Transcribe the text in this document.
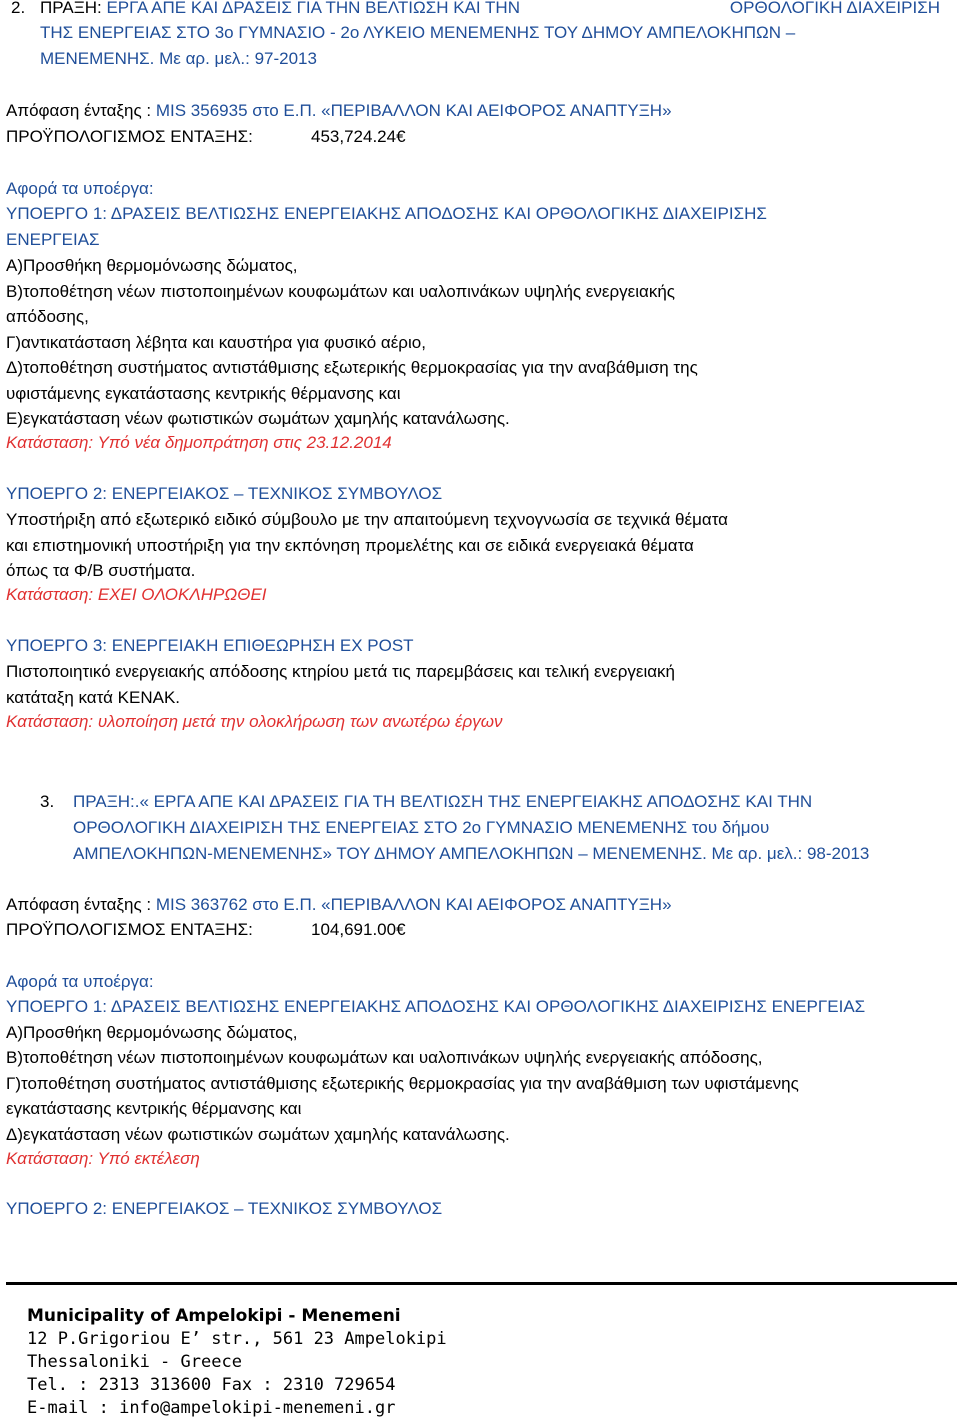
2. ΠΡΑΞΗ: ΕΡΓΑ ΑΠΕ ΚΑΙ ΔΡΑΣΕΙΣ ΓΙΑ ΤΗΝ ΒΕΛΤΙΩΣΗ ΚΑΙ ΤΗΝ	ΟΡΘΟΛΟΓΙΚΗ ΔΙΑΧΕΙΡΙΣΗ
ΤΗΣ ΕΝΕΡΓΕΙΑΣ ΣΤΟ 3ο ΓΥΜΝΑΣΙΟ - 2ο ΛΥΚΕΙΟ ΜΕΝΕΜΕΝΗΣ ΤΟΥ ΔΗΜΟΥ ΑΜΠΕΛΟΚΗΠΩΝ –
ΜΕΝΕΜΕΝΗΣ. Με αρ. μελ.: 97-2013
Απόφαση ένταξης : MIS 356935 στο Ε.Π. «ΠΕΡΙΒΑΛΛΟΝ ΚΑΙ ΑΕΙΦΟΡΟΣ ΑΝΑΠΤΥΞΗ»
ΠΡΟΫΠΟΛΟΓΙΣΜΟΣ ΕΝΤΑΞΗΣ:	453,724.24€
Αφορά τα υποέργα:
ΥΠΟΕΡΓΟ 1: ΔΡΑΣΕΙΣ ΒΕΛΤΙΩΣΗΣ ΕΝΕΡΓΕΙΑΚΗΣ ΑΠΟΔΟΣΗΣ ΚΑΙ ΟΡΘΟΛΟΓΙΚΗΣ ΔΙΑΧΕΙΡΙΣΗΣ
ΕΝΕΡΓΕΙΑΣ
Α)Προσθήκη θερμομόνωσης δώματος,
Β)τοποθέτηση νέων πιστοποιημένων κουφωμάτων και υαλοπινάκων υψηλής ενεργειακής
απόδοσης,
Γ)αντικατάσταση λέβητα και καυστήρα για φυσικό αέριο,
Δ)τοποθέτηση συστήματος αντιστάθμισης εξωτερικής θερμοκρασίας για την αναβάθμιση της
υφιστάμενης εγκατάστασης κεντρικής θέρμανσης και
Ε)εγκατάσταση νέων φωτιστικών σωμάτων χαμηλής κατανάλωσης.
Κατάσταση: Υπό νέα δημοπράτηση στις 23.12.2014
ΥΠΟΕΡΓΟ 2: ΕΝΕΡΓΕΙΑΚΟΣ – ΤΕΧΝΙΚΟΣ ΣΥΜΒΟΥΛΟΣ
Υποστήριξη από εξωτερικό ειδικό σύμβουλο με την απαιτούμενη τεχνογνωσία σε τεχνικά θέματα
και επιστημονική υποστήριξη για την εκπόνηση προμελέτης και σε ειδικά ενεργειακά θέματα
όπως τα Φ/Β συστήματα.
Κατάσταση: ΕΧΕΙ ΟΛΟΚΛΗΡΩΘΕΙ
ΥΠΟΕΡΓΟ 3: ΕΝΕΡΓΕΙΑΚΗ ΕΠΙΘΕΩΡΗΣΗ EX POST
Πιστοποιητικό ενεργειακής απόδοσης κτηρίου μετά τις παρεμβάσεις και τελική ενεργειακή
κατάταξη κατά ΚΕΝΑΚ.
Κατάσταση: υλοποίηση μετά την ολοκλήρωση των ανωτέρω έργων
3. ΠΡΑΞΗ:.« ΕΡΓΑ ΑΠΕ ΚΑΙ ΔΡΑΣΕΙΣ ΓΙΑ ΤΗ ΒΕΛΤΙΩΣΗ ΤΗΣ ΕΝΕΡΓΕΙΑΚΗΣ ΑΠΟΔΟΣΗΣ ΚΑΙ ΤΗΝ
ΟΡΘΟΛΟΓΙΚΗ ΔΙΑΧΕΙΡΙΣΗ ΤΗΣ ΕΝΕΡΓΕΙΑΣ ΣΤΟ 2ο ΓΥΜΝΑΣΙΟ ΜΕΝΕΜΕΝΗΣ του δήμου
ΑΜΠΕΛΟΚΗΠΩΝ-ΜΕΝΕΜΕΝΗΣ» ΤΟΥ ΔΗΜΟΥ ΑΜΠΕΛΟΚΗΠΩΝ – ΜΕΝΕΜΕΝΗΣ. Με αρ. μελ.: 98-2013
Απόφαση ένταξης : MIS 363762 στο Ε.Π. «ΠΕΡΙΒΑΛΛΟΝ ΚΑΙ ΑΕΙΦΟΡΟΣ ΑΝΑΠΤΥΞΗ»
ΠΡΟΫΠΟΛΟΓΙΣΜΟΣ ΕΝΤΑΞΗΣ:	104,691.00€
Αφορά τα υποέργα:
ΥΠΟΕΡΓΟ 1: ΔΡΑΣΕΙΣ ΒΕΛΤΙΩΣΗΣ ΕΝΕΡΓΕΙΑΚΗΣ ΑΠΟΔΟΣΗΣ ΚΑΙ ΟΡΘΟΛΟΓΙΚΗΣ ΔΙΑΧΕΙΡΙΣΗΣ ΕΝΕΡΓΕΙΑΣ
Α)Προσθήκη θερμομόνωσης δώματος,
Β)τοποθέτηση νέων πιστοποιημένων κουφωμάτων και υαλοπινάκων υψηλής ενεργειακής απόδοσης,
Γ)τοποθέτηση συστήματος αντιστάθμισης εξωτερικής θερμοκρασίας για την αναβάθμιση των υφιστάμενης
εγκατάστασης κεντρικής θέρμανσης και
Δ)εγκατάσταση νέων φωτιστικών σωμάτων χαμηλής κατανάλωσης.
Κατάσταση: Υπό εκτέλεση
ΥΠΟΕΡΓΟ 2: ΕΝΕΡΓΕΙΑΚΟΣ – ΤΕΧΝΙΚΟΣ ΣΥΜΒΟΥΛΟΣ
Municipality of Ampelokipi - Menemeni
12 P.Grigoriou E’ str., 561 23 Ampelokipi
Thessaloniki - Greece
Tel. : 2313 313600 Fax : 2310 729654
E-mail : info@ampelokipi-menemeni.gr
